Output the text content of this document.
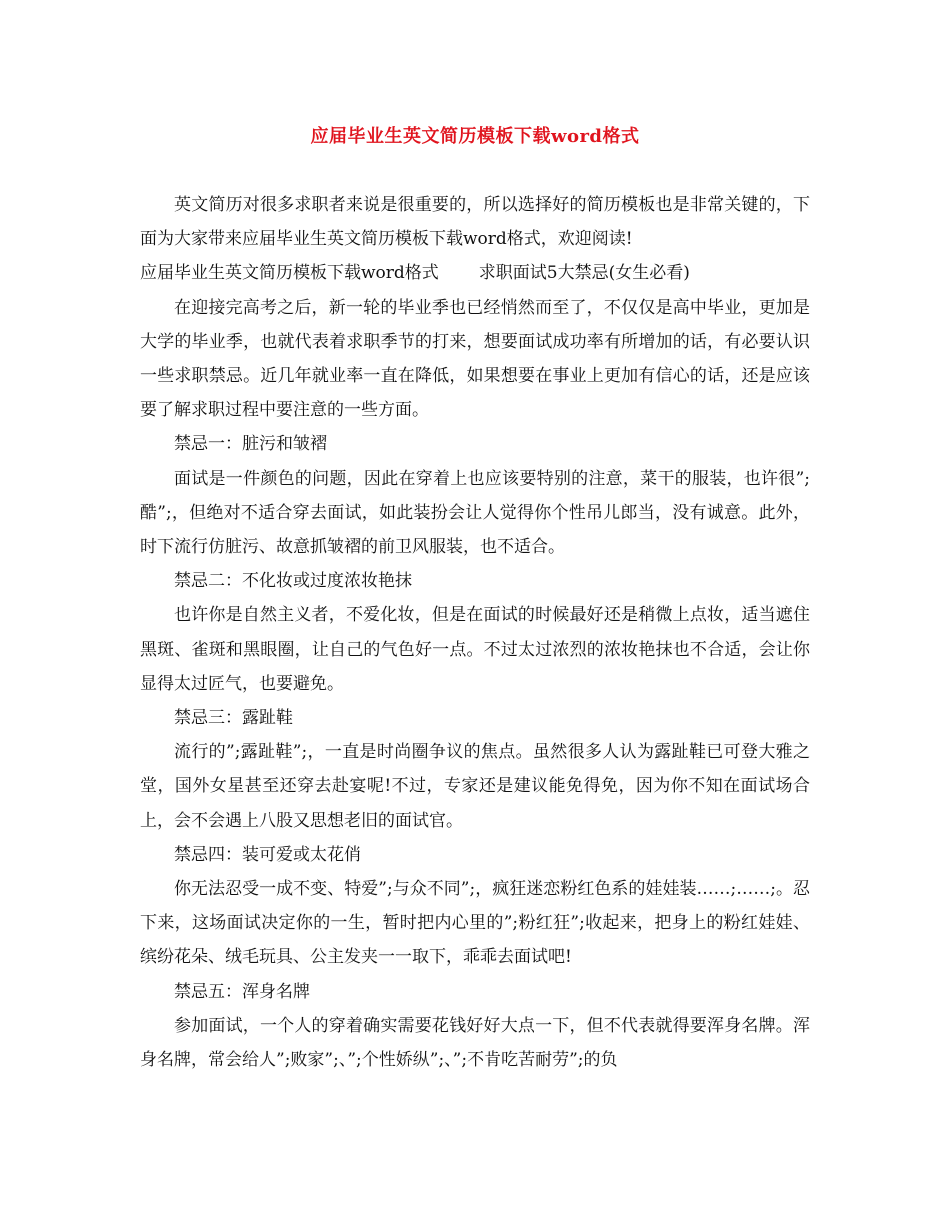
应届毕业生英文简历模板下载word格式

英文简历对很多求职者来说是很重要的，所以选择好的简历模板也是非常关键的，下面为大家带来应届毕业生英文简历模板下载word格式，欢迎阅读!

应届毕业生英文简历模板下载word格式 求职面试5大禁忌(女生必看)

在迎接完高考之后，新一轮的毕业季也已经悄然而至了，不仅仅是高中毕业，更加是大学的毕业季，也就代表着求职季节的打来，想要面试成功率有所增加的话，有必要认识一些求职禁忌。近几年就业率一直在降低，如果想要在事业上更加有信心的话，还是应该要了解求职过程中要注意的一些方面。

禁忌一：脏污和皱褶

面试是一件颜色的问题，因此在穿着上也应该要特别的注意，菜干的服装，也许很”;酷”;，但绝对不适合穿去面试，如此装扮会让人觉得你个性吊儿郎当，没有诚意。此外，时下流行仿脏污、故意抓皱褶的前卫风服装，也不适合。

禁忌二：不化妆或过度浓妆艳抹

也许你是自然主义者，不爱化妆，但是在面试的时候最好还是稍微上点妆，适当遮住黑斑、雀斑和黑眼圈，让自己的气色好一点。不过太过浓烈的浓妆艳抹也不合适，会让你显得太过匠气，也要避免。

禁忌三：露趾鞋

流行的”;露趾鞋”;，一直是时尚圈争议的焦点。虽然很多人认为露趾鞋已可登大雅之堂，国外女星甚至还穿去赴宴呢!不过，专家还是建议能免得免，因为你不知在面试场合上，会不会遇上八股又思想老旧的面试官。

禁忌四：装可爱或太花俏

你无法忍受一成不变、特爱”;与众不同”;，疯狂迷恋粉红色系的娃娃装……;……;。忍下来，这场面试决定你的一生，暂时把内心里的”;粉红狂”;收起来，把身上的粉红娃娃、缤纷花朵、绒毛玩具、公主发夹一一取下，乖乖去面试吧!

禁忌五：浑身名牌

参加面试，一个人的穿着确实需要花钱好好大点一下，但不代表就得要浑身名牌。浑身名牌，常会给人”;败家”;、”;个性娇纵”;、”;不肯吃苦耐劳”;的负
